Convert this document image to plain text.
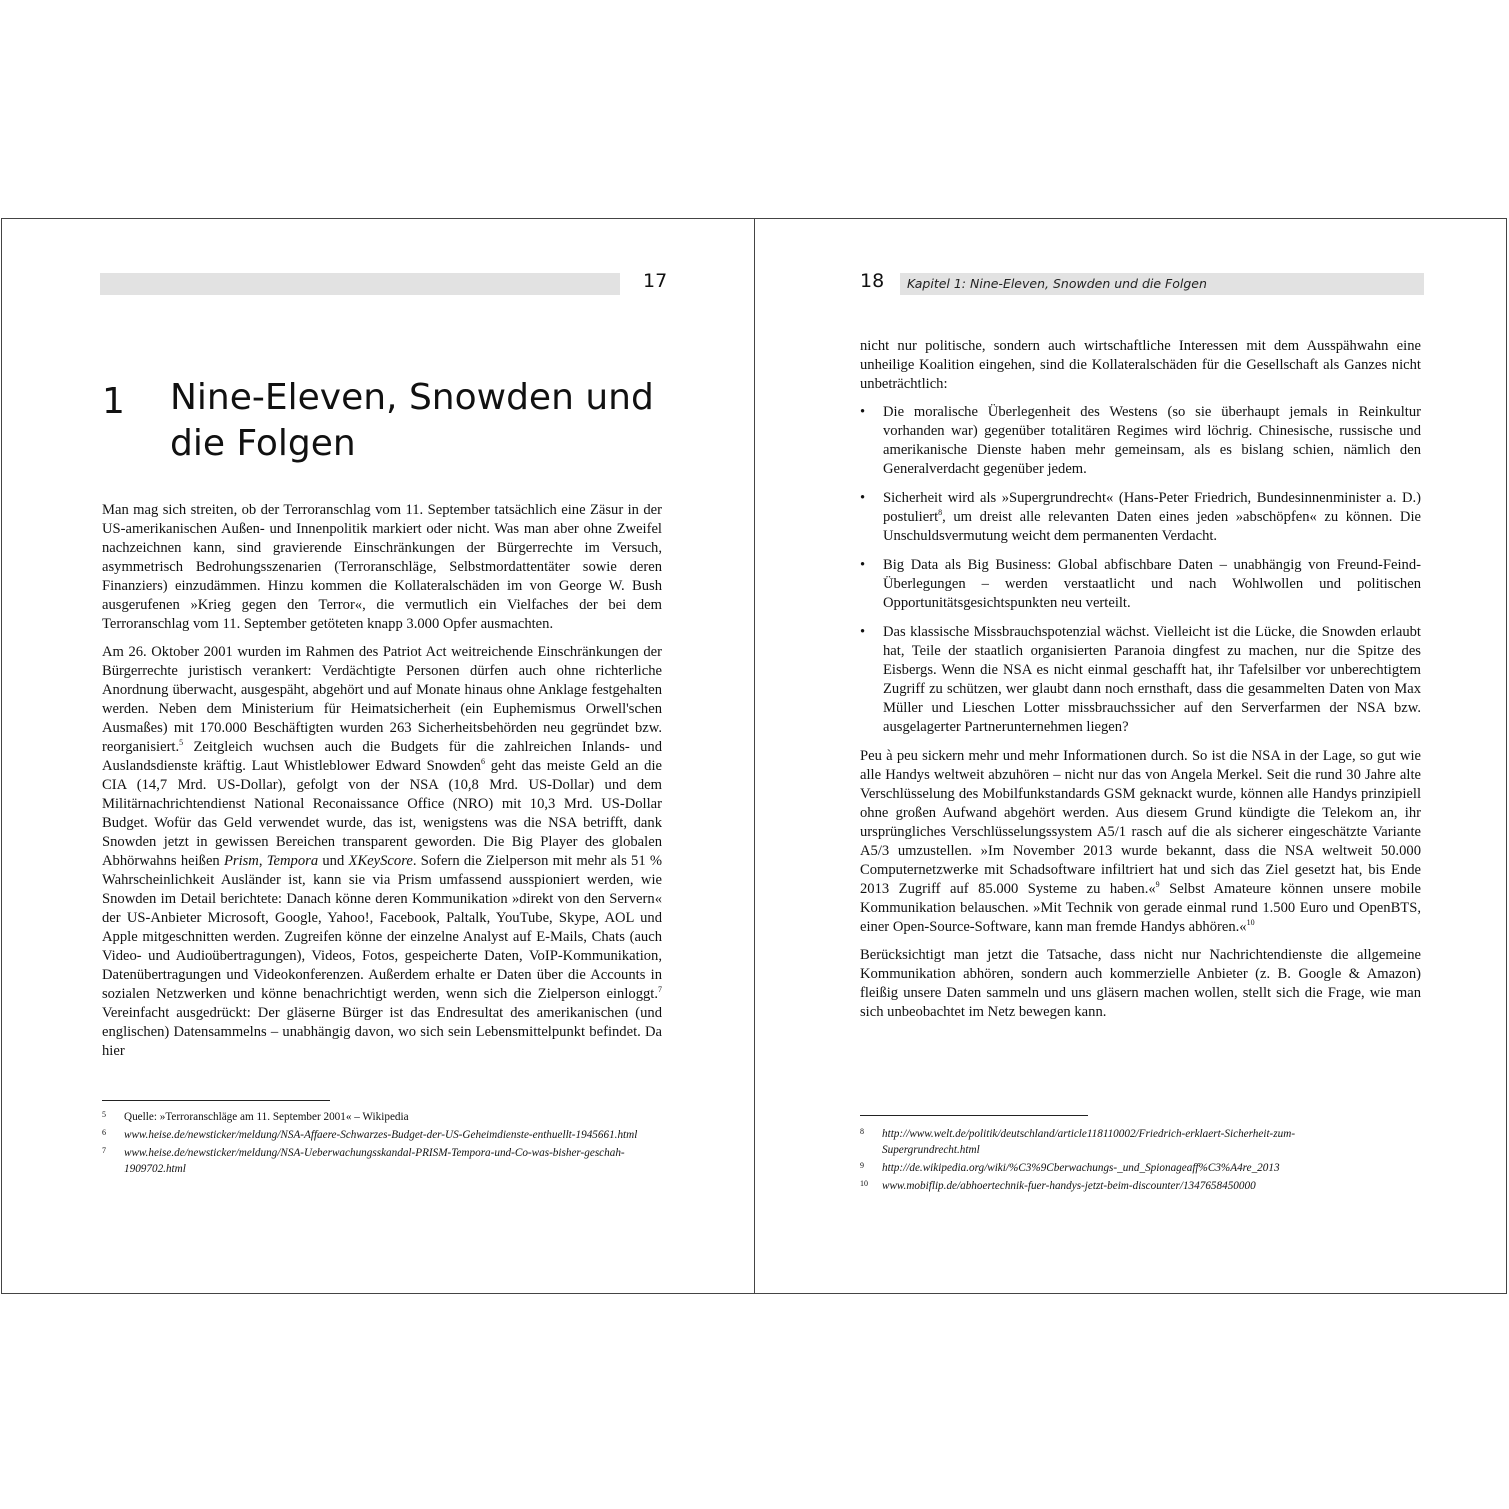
17
1 Nine-Eleven, Snowden und
die Folgen

Man mag sich streiten, ob der Terroranschlag vom 11. September tatsächlich eine Zäsur in der US-amerikanischen Außen- und Innenpolitik markiert oder nicht. Was man aber ohne Zweifel nachzeichnen kann, sind gravierende Einschränkungen der Bürgerrechte im Versuch, asymmetrisch Bedrohungsszenarien (Terroranschläge, Selbstmordattentäter sowie deren Finanziers) einzudämmen. Hinzu kommen die Kollateralschäden im von George W. Bush ausgerufenen »Krieg gegen den Terror«, die vermutlich ein Vielfaches der bei dem Terroranschlag vom 11. September getöteten knapp 3.000 Opfer ausmachten.

Am 26. Oktober 2001 wurden im Rahmen des Patriot Act weitreichende Einschränkungen der Bürgerrechte juristisch verankert: Verdächtigte Personen dürfen auch ohne richterliche Anordnung überwacht, ausgespäht, abgehört und auf Monate hinaus ohne Anklage festgehalten werden. Neben dem Ministerium für Heimatsicherheit (ein Euphemismus Orwell'schen Ausmaßes) mit 170.000 Beschäftigten wurden 263 Sicherheitsbehörden neu gegründet bzw. reorganisiert.$^5$ Zeitgleich wuchsen auch die Budgets für die zahlreichen Inlands- und Auslandsdienste kräftig. Laut Whistleblower Edward Snowden$^6$ geht das meiste Geld an die CIA (14,7 Mrd. US-Dollar), gefolgt von der NSA (10,8 Mrd. US-Dollar) und dem Militärnachrichtendienst National Reconaissance Office (NRO) mit 10,3 Mrd. US-Dollar Budget. Wofür das Geld verwendet wurde, das ist, wenigstens was die NSA betrifft, dank Snowden jetzt in gewissen Bereichen transparent geworden. Die Big Player des globalen Abhörwahns heißen Prism, Tempora und XKeyScore. Sofern die Zielperson mit mehr als 51 % Wahrscheinlichkeit Ausländer ist, kann sie via Prism umfassend ausspioniert werden, wie Snowden im Detail berichtete: Danach könne deren Kommunikation »direkt von den Servern« der US-Anbieter Microsoft, Google, Yahoo!, Facebook, Paltalk, YouTube, Skype, AOL und Apple mitgeschnitten werden. Zugreifen könne der einzelne Analyst auf E-Mails, Chats (auch Video- und Audioübertragungen), Videos, Fotos, gespeicherte Daten, VoIP-Kommunikation, Datenübertragungen und Videokonferenzen. Außerdem erhalte er Daten über die Accounts in sozialen Netzwerken und könne benachrichtigt werden, wenn sich die Zielperson einloggt.$^7$ Vereinfacht ausgedrückt: Der gläserne Bürger ist das Endresultat des amerikanischen (und englischen) Datensammelns – unabhängig davon, wo sich sein Lebensmittelpunkt befindet. Da hier

5 Quelle: »Terroranschläge am 11. September 2001« – Wikipedia
6 www.heise.de/newsticker/meldung/NSA-Affaere-Schwarzes-Budget-der-US-Geheimdienste-enthuellt-1945661.html
7 www.heise.de/newsticker/meldung/NSA-Ueberwachungsskandal-PRISM-Tempora-und-Co-was-bisher-geschah-1909702.html
18 Kapitel 1: Nine-Eleven, Snowden und die Folgen

nicht nur politische, sondern auch wirtschaftliche Interessen mit dem Ausspähwahn eine unheilige Koalition eingehen, sind die Kollateralschäden für die Gesellschaft als Ganzes nicht unbeträchtlich:

• Die moralische Überlegenheit des Westens (so sie überhaupt jemals in Reinkultur vorhanden war) gegenüber totalitären Regimes wird löchrig. Chinesische, russische und amerikanische Dienste haben mehr gemeinsam, als es bislang schien, nämlich den Generalverdacht gegenüber jedem.
• Sicherheit wird als »Supergrundrecht« (Hans-Peter Friedrich, Bundesinnenminister a. D.) postuliert$^8$, um dreist alle relevanten Daten eines jeden »abschöpfen« zu können. Die Unschuldsvermutung weicht dem permanenten Verdacht.
• Big Data als Big Business: Global abfischbare Daten – unabhängig von Freund-Feind-Überlegungen – werden verstaatlicht und nach Wohlwollen und politischen Opportunitätsgesichtspunkten neu verteilt.
• Das klassische Missbrauchspotenzial wächst. Vielleicht ist die Lücke, die Snowden erlaubt hat, Teile der staatlich organisierten Paranoia dingfest zu machen, nur die Spitze des Eisbergs. Wenn die NSA es nicht einmal geschafft hat, ihr Tafelsilber vor unberechtigtem Zugriff zu schützen, wer glaubt dann noch ernsthaft, dass die gesammelten Daten von Max Müller und Lieschen Lotter missbrauchssicher auf den Serverfarmen der NSA bzw. ausgelagerter Partnerunternehmen liegen?

Peu à peu sickern mehr und mehr Informationen durch. So ist die NSA in der Lage, so gut wie alle Handys weltweit abzuhören – nicht nur das von Angela Merkel. Seit die rund 30 Jahre alte Verschlüsselung des Mobilfunkstandards GSM geknackt wurde, können alle Handys prinzipiell ohne großen Aufwand abgehört werden. Aus diesem Grund kündigte die Telekom an, ihr ursprüngliches Verschlüsselungssystem A5/1 rasch auf die als sicherer eingeschätzte Variante A5/3 umzustellen. »Im November 2013 wurde bekannt, dass die NSA weltweit 50.000 Computernetzwerke mit Schadsoftware infiltriert hat und sich das Ziel gesetzt hat, bis Ende 2013 Zugriff auf 85.000 Systeme zu haben.«$^9$ Selbst Amateure können unsere mobile Kommunikation belauschen. »Mit Technik von gerade einmal rund 1.500 Euro und OpenBTS, einer Open-Source-Software, kann man fremde Handys abhören.«$^{10}$

Berücksichtigt man jetzt die Tatsache, dass nicht nur Nachrichtendienste die allgemeine Kommunikation abhören, sondern auch kommerzielle Anbieter (z. B. Google & Amazon) fleißig unsere Daten sammeln und uns gläsern machen wollen, stellt sich die Frage, wie man sich unbeobachtet im Netz bewegen kann.

8 http://www.welt.de/politik/deutschland/article118110002/Friedrich-erklaert-Sicherheit-zum-Supergrundrecht.html
9 http://de.wikipedia.org/wiki/%C3%9Cberwachungs-_und_Spionageaff%C3%A4re_2013
10 www.mobiflip.de/abhoertechnik-fuer-handys-jetzt-beim-discounter/1347658450000
